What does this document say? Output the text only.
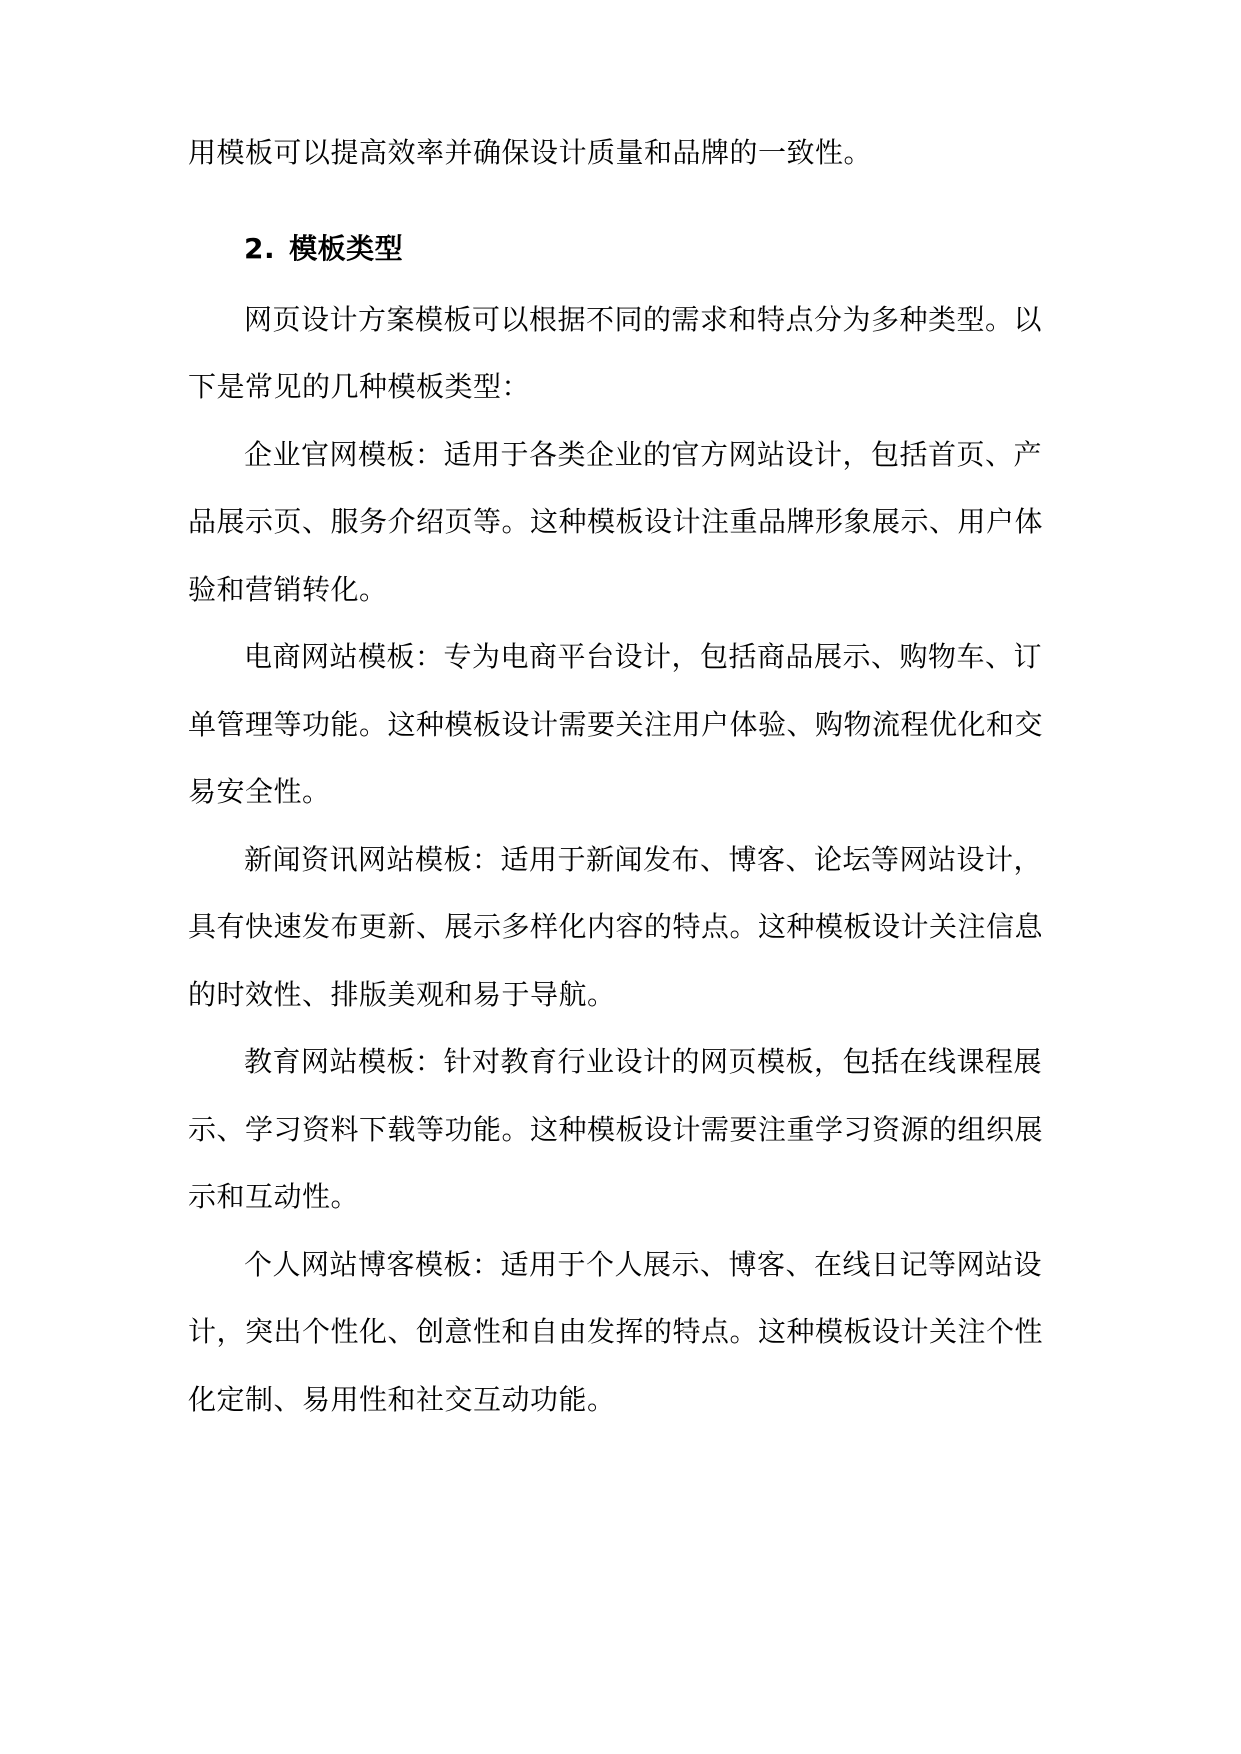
用模板可以提高效率并确保设计质量和品牌的一致性。
2. 模板类型
网页设计方案模板可以根据不同的需求和特点分为多种类型。以
下是常见的几种模板类型：
企业官网模板：适用于各类企业的官方网站设计，包括首页、产
品展示页、服务介绍页等。这种模板设计注重品牌形象展示、用户体
验和营销转化。
电商网站模板：专为电商平台设计，包括商品展示、购物车、订
单管理等功能。这种模板设计需要关注用户体验、购物流程优化和交
易安全性。
新闻资讯网站模板：适用于新闻发布、博客、论坛等网站设计，
具有快速发布更新、展示多样化内容的特点。这种模板设计关注信息
的时效性、排版美观和易于导航。
教育网站模板：针对教育行业设计的网页模板，包括在线课程展
示、学习资料下载等功能。这种模板设计需要注重学习资源的组织展
示和互动性。
个人网站博客模板：适用于个人展示、博客、在线日记等网站设
计，突出个性化、创意性和自由发挥的特点。这种模板设计关注个性
化定制、易用性和社交互动功能。
